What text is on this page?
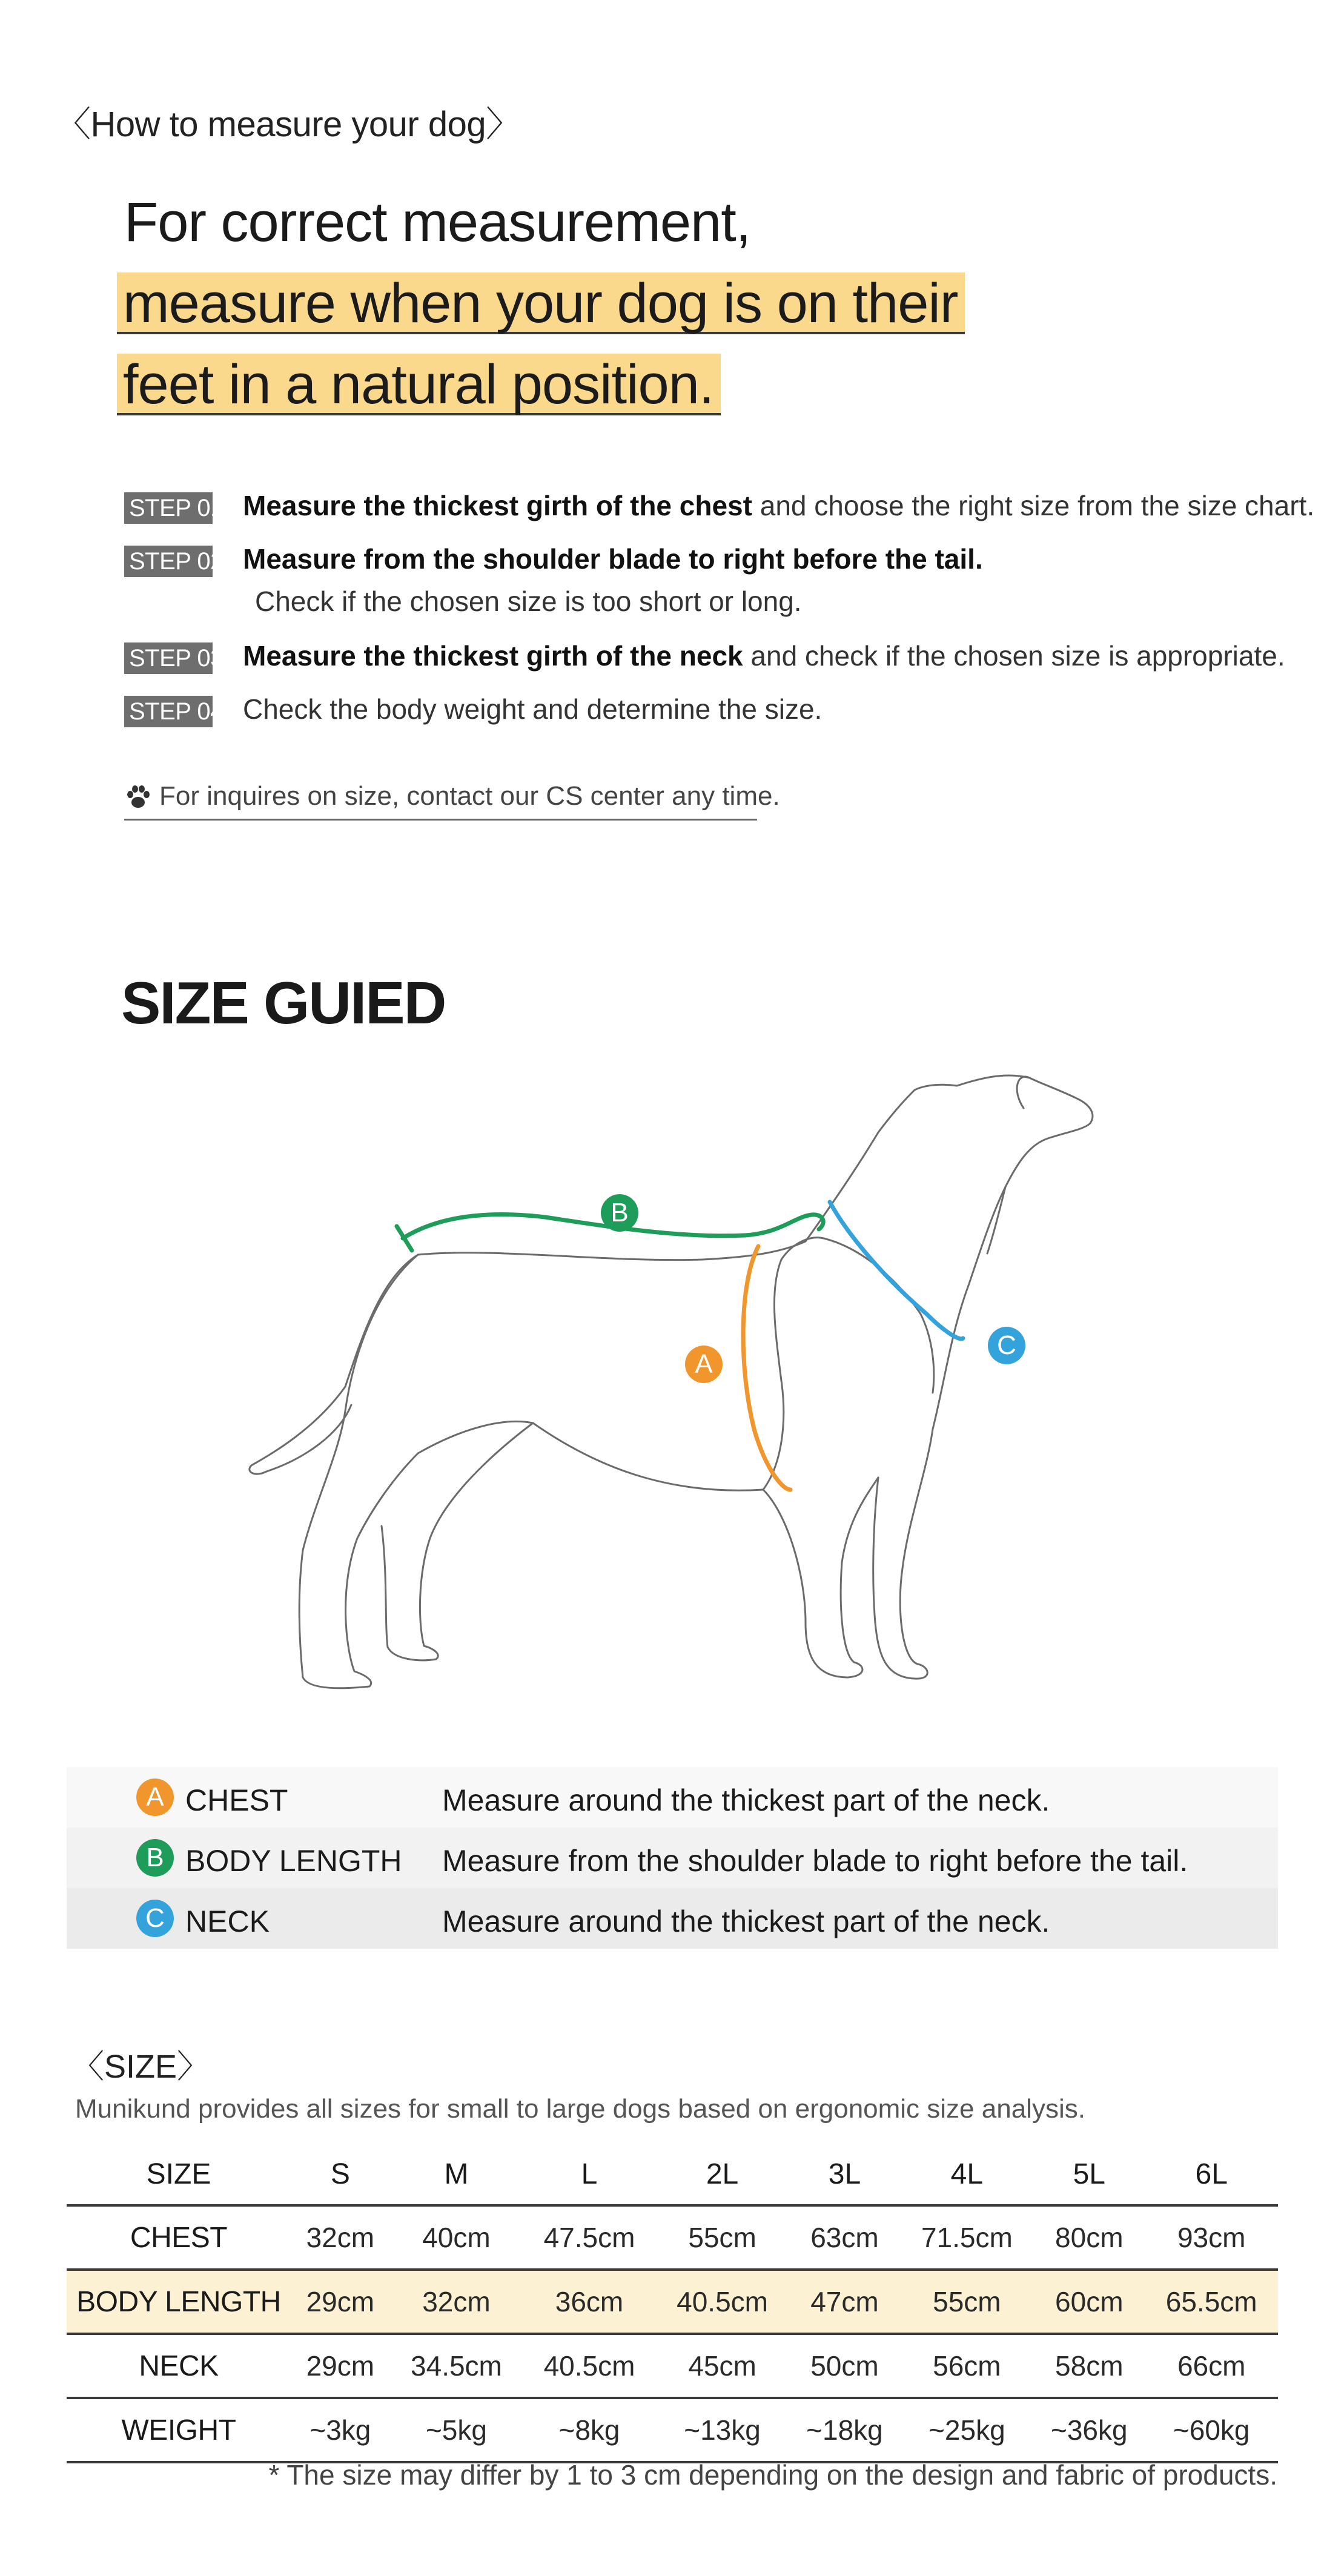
〈How to measure your dog〉
For correct measurement,
measure when your dog is on their
feet in a natural position.
STEP 01 Measure the thickest girth of the chest and choose the right size from the size chart.
STEP 02 Measure from the shoulder blade to right before the tail.
Check if the chosen size is too short or long.
STEP 03 Measure the thickest girth of the neck and check if the chosen size is appropriate.
STEP 04 Check the body weight and determine the size.
For inquires on size, contact our CS center any time.
SIZE GUIED
B
A
C
A CHEST	Measure around the thickest part of the neck.
B BODY LENGTH Measure from the shoulder blade to right before the tail.
C NECK	Measure around the thickest part of the neck.
〈SIZE〉
Munikund provides all sizes for small to large dogs based on ergonomic size analysis.
SIZE	S	M	L	2L	3L	4L	5L	6L
CHEST	32cm	40cm	47.5cm	55cm	63cm	71.5cm	80cm	93cm
BODY LENGTH	29cm	32cm	36cm	40.5cm	47cm	55cm	60cm	65.5cm
NECK	29cm	34.5cm	40.5cm	45cm	50cm	56cm	58cm	66cm
WEIGHT	~3kg	~5kg	~8kg	~13kg	~18kg	~25kg	~36kg	~60kg
* The size may differ by 1 to 3 cm depending on the design and fabric of products.
